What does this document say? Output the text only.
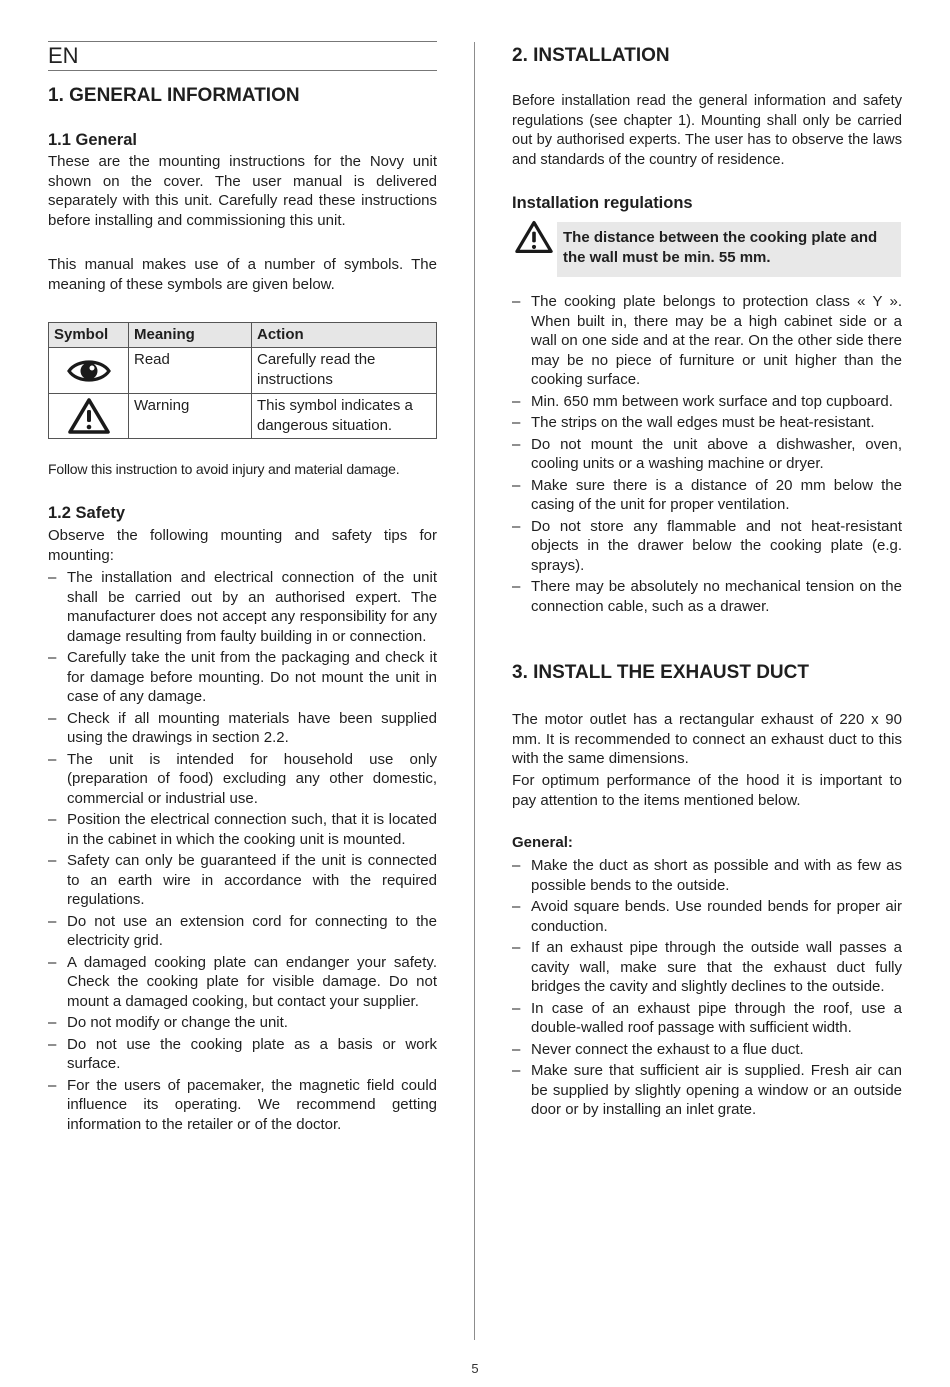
EN
1. GENERAL INFORMATION
1.1 General

These are the mounting instructions for the Novy unit shown on the cover. The user manual is delivered separately with this unit. Carefully read these instructions before installing and commissioning this unit.

This manual makes use of a number of symbols. The meaning of these symbols are given below.

Symbol	Meaning	Action

	Read	Carefully read the instructions

	Warning	This symbol indicates a dangerous situation.

Follow this instruction to avoid injury and material damage.

1.2 Safety

Observe the following mounting and safety tips for mounting:

– The installation and electrical connection of the unit shall be carried out by an authorised expert. The manufacturer does not accept any responsibility for any damage resulting from faulty building in or connection.
– Carefully take the unit from the packaging and check it for damage before mounting. Do not mount the unit in case of any damage.
– Check if all mounting materials have been supplied using the drawings in section 2.2.
– The unit is intended for household use only (preparation of food) excluding any other domestic, commercial or industrial use.
– Position the electrical connection such, that it is located in the cabinet in which the cooking unit is mounted.
– Safety can only be guaranteed if the unit is connected to an earth wire in accordance with the required regulations.
– Do not use an extension cord for connecting to the electricity grid.
– A damaged cooking plate can endanger your safety. Check the cooking plate for visible damage. Do not mount a damaged cooking, but contact your supplier.
– Do not modify or change the unit.
– Do not use the cooking plate as a basis or work surface.
– For the users of pacemaker, the magnetic field could influence its operating. We recommend getting information to the retailer or of the doctor.
2. INSTALLATION

Before installation read the general information and safety regulations (see chapter 1). Mounting shall only be carried out by authorised experts. The user has to observe the laws and standards of the country of residence.

Installation regulations
The distance between the cooking plate and the wall must be min. 55 mm.
– The cooking plate belongs to protection class « Y ». When built in, there may be a high cabinet side or a wall on one side and at the rear. On the other side there may be no piece of furniture or unit higher than the cooking surface.
– Min. 650 mm between work surface and top cupboard.
– The strips on the wall edges must be heat-resistant.
– Do not mount the unit above a dishwasher, oven, cooling units or a washing machine or dryer.
– Make sure there is a distance of 20 mm below the casing of the unit for proper ventilation.
– Do not store any flammable and not heat-resistant objects in the drawer below the cooking plate (e.g. sprays).
– There may be absolutely no mechanical tension on the connection cable, such as a drawer.
3. INSTALL THE EXHAUST DUCT

The motor outlet has a rectangular exhaust of 220 x 90 mm. It is recommended to connect an exhaust duct to this with the same dimensions.

For optimum performance of the hood it is important to pay attention to the items mentioned below.

General:
– Make the duct as short as possible and with as few as possible bends to the outside.
– Avoid square bends. Use rounded bends for proper air conduction.
– If an exhaust pipe through the outside wall passes a cavity wall, make sure that the exhaust duct fully bridges the cavity and slightly declines to the outside.
– In case of an exhaust pipe through the roof, use a double-walled roof passage with sufficient width.
– Never connect the exhaust to a flue duct.
– Make sure that sufficient air is supplied. Fresh air can be supplied by slightly opening a window or an outside door or by installing an inlet grate.
5
